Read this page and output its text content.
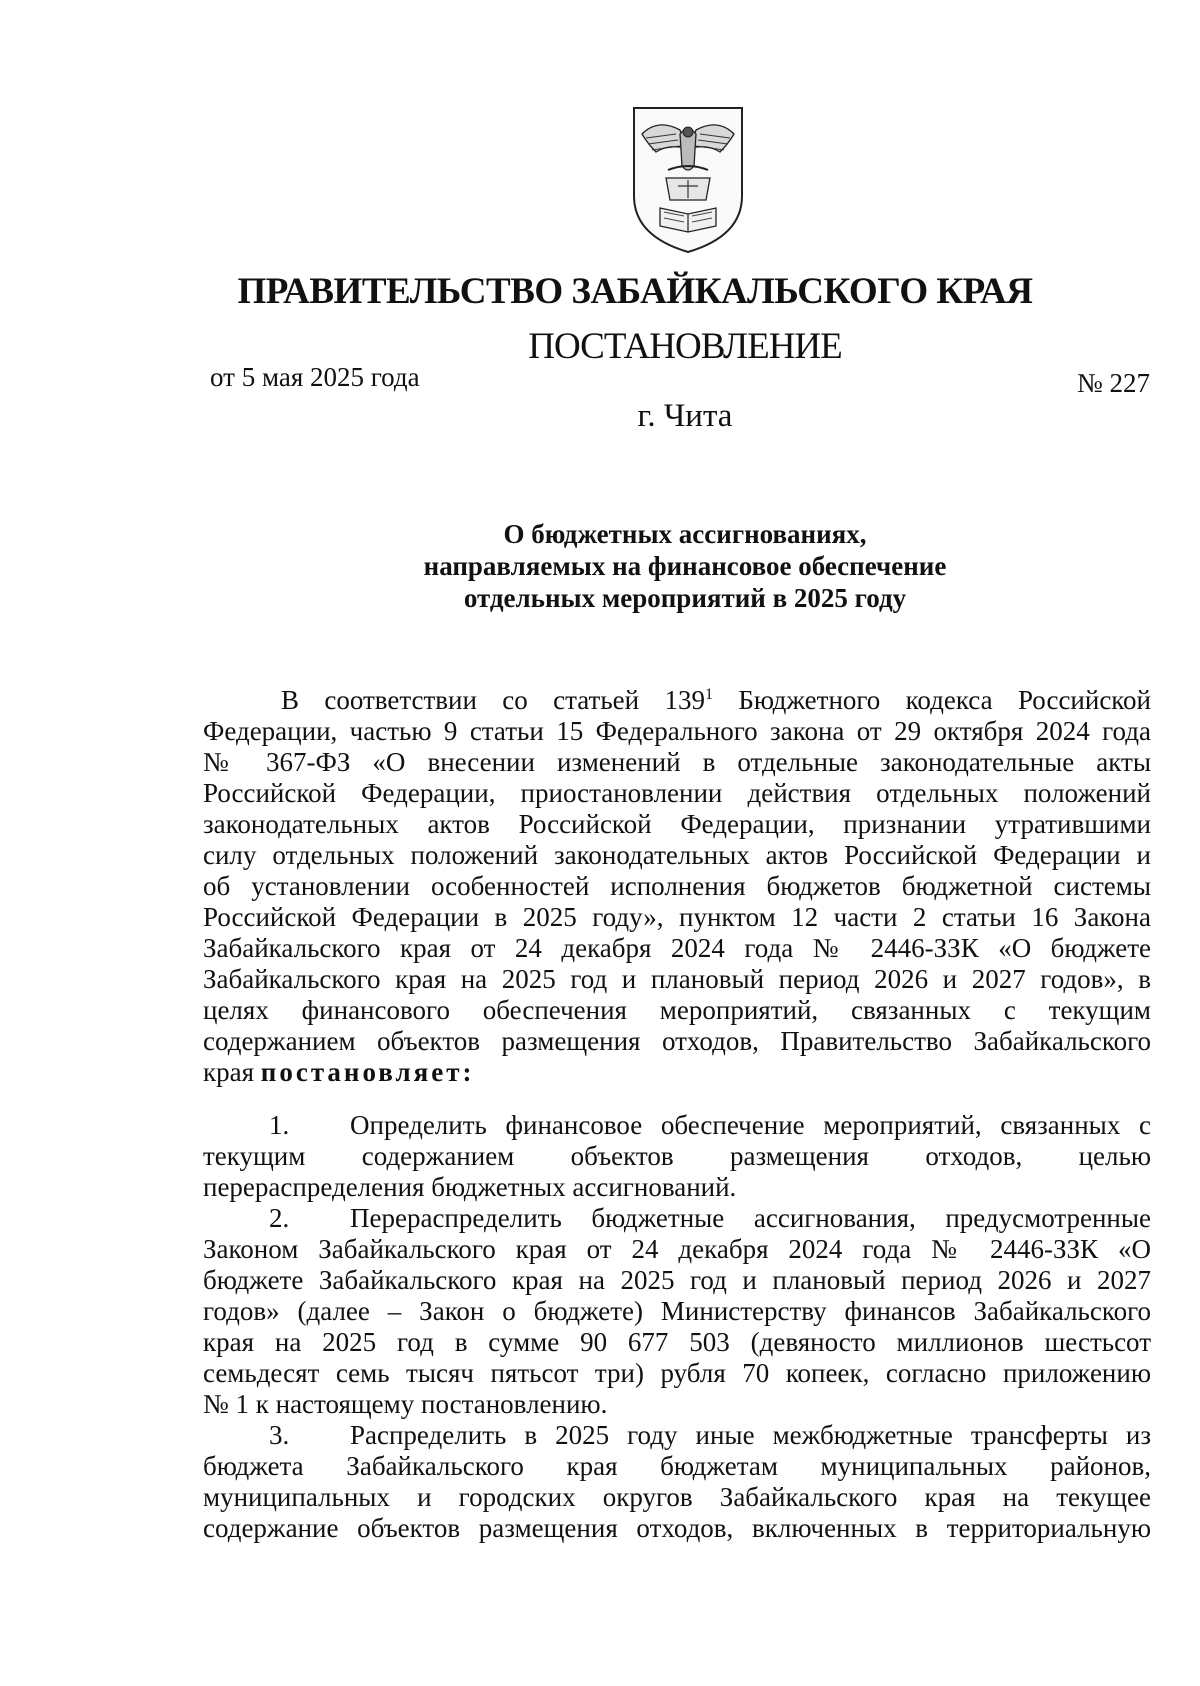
ПРАВИТЕЛЬСТВО ЗАБАЙКАЛЬСКОГО КРАЯ
ПОСТАНОВЛЕНИЕ
от 5 мая 2025 года	№ 227
г. Чита
О бюджетных ассигнованиях,
направляемых на финансовое обеспечение
отдельных мероприятий в 2025 году
В соответствии со статьей $139^1$ Бюджетного кодекса Российской
Федерации, частью 9 статьи 15 Федерального закона от 29 октября 2024 года
№ 367-ФЗ «О внесении изменений в отдельные законодательные акты
Российской Федерации, приостановлении действия отдельных положений
законодательных актов Российской Федерации, признании утратившими
силу отдельных положений законодательных актов Российской Федерации и
об установлении особенностей исполнения бюджетов бюджетной системы
Российской Федерации в 2025 году», пунктом 12 части 2 статьи 16 Закона
Забайкальского края от 24 декабря 2024 года № 2446-ЗЗК «О бюджете
Забайкальского края на 2025 год и плановый период 2026 и 2027 годов», в
целях финансового обеспечения мероприятий, связанных с текущим
содержанием объектов размещения отходов, Правительство Забайкальского
края постановляет:
1. Определить финансовое обеспечение мероприятий, связанных с
текущим содержанием объектов размещения отходов, целью
перераспределения бюджетных ассигнований.
2. Перераспределить бюджетные ассигнования, предусмотренные
Законом Забайкальского края от 24 декабря 2024 года № 2446-ЗЗК «О
бюджете Забайкальского края на 2025 год и плановый период 2026 и 2027
годов» (далее – Закон о бюджете) Министерству финансов Забайкальского
края на 2025 год в сумме 90 677 503 (девяносто миллионов шестьсот
семьдесят семь тысяч пятьсот три) рубля 70 копеек, согласно приложению
№ 1 к настоящему постановлению.
3. Распределить в 2025 году иные межбюджетные трансферты из
бюджета Забайкальского края бюджетам муниципальных районов,
муниципальных и городских округов Забайкальского края на текущее
содержание объектов размещения отходов, включенных в территориальную
